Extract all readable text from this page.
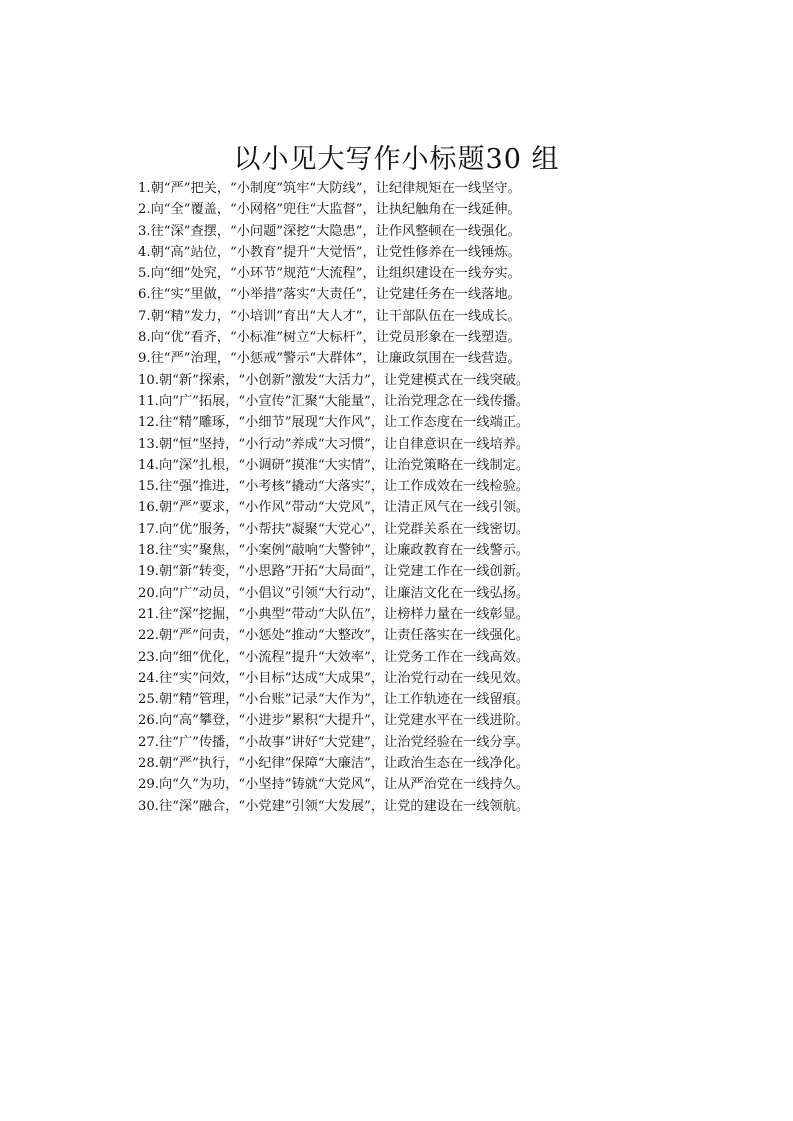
以小见大写作小标题30 组
1.朝“严”把关，“小制度”筑牢“大防线”，让纪律规矩在一线坚守。
2.向“全”覆盖，“小网格”兜住“大监督”，让执纪触角在一线延伸。
3.往“深”查摆，“小问题”深挖“大隐患”，让作风整顿在一线强化。
4.朝“高”站位，“小教育”提升“大觉悟”，让党性修养在一线锤炼。
5.向“细”处究，“小环节”规范“大流程”，让组织建设在一线夯实。
6.往“实”里做，“小举措”落实“大责任”，让党建任务在一线落地。
7.朝“精”发力，“小培训”育出“大人才”，让干部队伍在一线成长。
8.向“优”看齐，“小标准”树立“大标杆”，让党员形象在一线塑造。
9.往“严”治理，“小惩戒”警示“大群体”，让廉政氛围在一线营造。
10.朝“新”探索，“小创新”激发“大活力”，让党建模式在一线突破。
11.向“广”拓展，“小宣传”汇聚“大能量”，让治党理念在一线传播。
12.往“精”雕琢，“小细节”展现“大作风”，让工作态度在一线端正。
13.朝“恒”坚持，“小行动”养成“大习惯”，让自律意识在一线培养。
14.向“深”扎根，“小调研”摸准“大实情”，让治党策略在一线制定。
15.往“强”推进，“小考核”撬动“大落实”，让工作成效在一线检验。
16.朝“严”要求，“小作风”带动“大党风”，让清正风气在一线引领。
17.向“优”服务，“小帮扶”凝聚“大党心”，让党群关系在一线密切。
18.往“实”聚焦，“小案例”敲响“大警钟”，让廉政教育在一线警示。
19.朝“新”转变，“小思路”开拓“大局面”，让党建工作在一线创新。
20.向“广”动员，“小倡议”引领“大行动”，让廉洁文化在一线弘扬。
21.往“深”挖掘，“小典型”带动“大队伍”，让榜样力量在一线彰显。
22.朝“严”问责，“小惩处”推动“大整改”，让责任落实在一线强化。
23.向“细”优化，“小流程”提升“大效率”，让党务工作在一线高效。
24.往“实”问效，“小目标”达成“大成果”，让治党行动在一线见效。
25.朝“精”管理，“小台账”记录“大作为”，让工作轨迹在一线留痕。
26.向“高”攀登，“小进步”累积“大提升”，让党建水平在一线进阶。
27.往“广”传播，“小故事”讲好“大党建”，让治党经验在一线分享。
28.朝“严”执行，“小纪律”保障“大廉洁”，让政治生态在一线净化。
29.向“久”为功，“小坚持”铸就“大党风”，让从严治党在一线持久。
30.往“深”融合，“小党建”引领“大发展”，让党的建设在一线领航。
